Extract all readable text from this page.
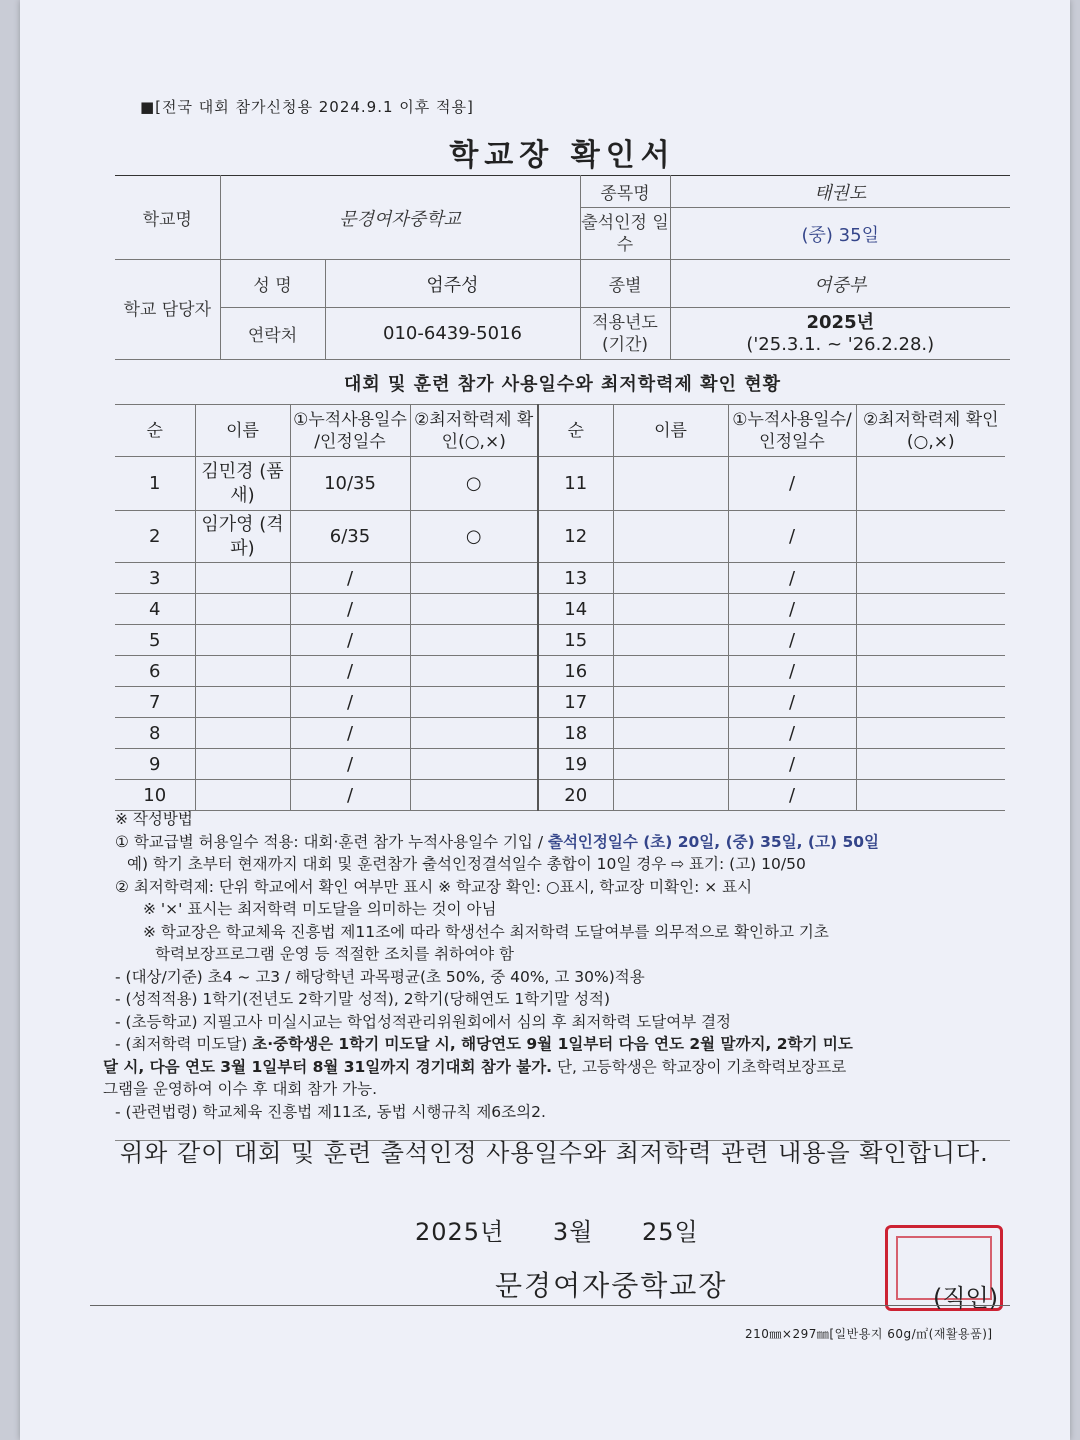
■[전국 대회 참가신청용 2024.9.1 이후 적용]
학교장 확인서
학교명	문경여자중학교		종목명	태권도
			출석인정 일수	(중) 35일
학교 담당자	성 명	엄주성	종별	여중부
	연락처	010-6439-5016	적용년도 (기간)	2025년
('25.3.1. ~ '26.2.28.)
대회 및 훈련 참가 사용일수와 최저학력제 확인 현황
순	이름	①누적사용일수 /인정일수	②최저학력제 확인(○,×)	순	이름	①누적사용일수/ 인정일수	②최저학력제 확인(○,×)
1	김민경 (품새)	10/35	○	11		/	
2	임가영 (격파)	6/35	○	12		/	
3		/		13		/	
4		/		14		/	
5		/		15		/	
6		/		16		/	
7		/		17		/	
8		/		18		/	
9		/		19		/	
10		/		20		/	
※ 작성방법
① 학교급별 허용일수 적용: 대회·훈련 참가 누적사용일수 기입 / 출석인정일수 (초) 20일, (중) 35일, (고) 50일
예) 학기 초부터 현재까지 대회 및 훈련참가 출석인정결석일수 총합이 10일 경우 ⇨ 표기: (고) 10/50
② 최저학력제: 단위 학교에서 확인 여부만 표시 ※ 학교장 확인: ○표시, 학교장 미확인: × 표시
※ '×' 표시는 최저학력 미도달을 의미하는 것이 아님
※ 학교장은 학교체육 진흥법 제11조에 따라 학생선수 최저학력 도달여부를 의무적으로 확인하고 기초
학력보장프로그램 운영 등 적절한 조치를 취하여야 함
- (대상/기준) 초4 ~ 고3 / 해당학년 과목평균(초 50%, 중 40%, 고 30%)적용
- (성적적용) 1학기(전년도 2학기말 성적), 2학기(당해연도 1학기말 성적)
- (초등학교) 지필고사 미실시교는 학업성적관리위원회에서 심의 후 최저학력 도달여부 결정
- (최저학력 미도달) 초·중학생은 1학기 미도달 시, 해당연도 9월 1일부터 다음 연도 2월 말까지, 2학기 미도
달 시, 다음 연도 3월 1일부터 8월 31일까지 경기대회 참가 불가. 단, 고등학생은 학교장이 기초학력보장프로
그램을 운영하여 이수 후 대회 참가 가능.
- (관련법령) 학교체육 진흥법 제11조, 동법 시행규칙 제6조의2.
위와 같이 대회 및 훈련 출석인정 사용일수와 최저학력 관련 내용을 확인합니다.
2025년 3월 25일
문경여자중학교장	(직인)
210㎜×297㎜[일반용지 60g/㎡(재활용품)]
